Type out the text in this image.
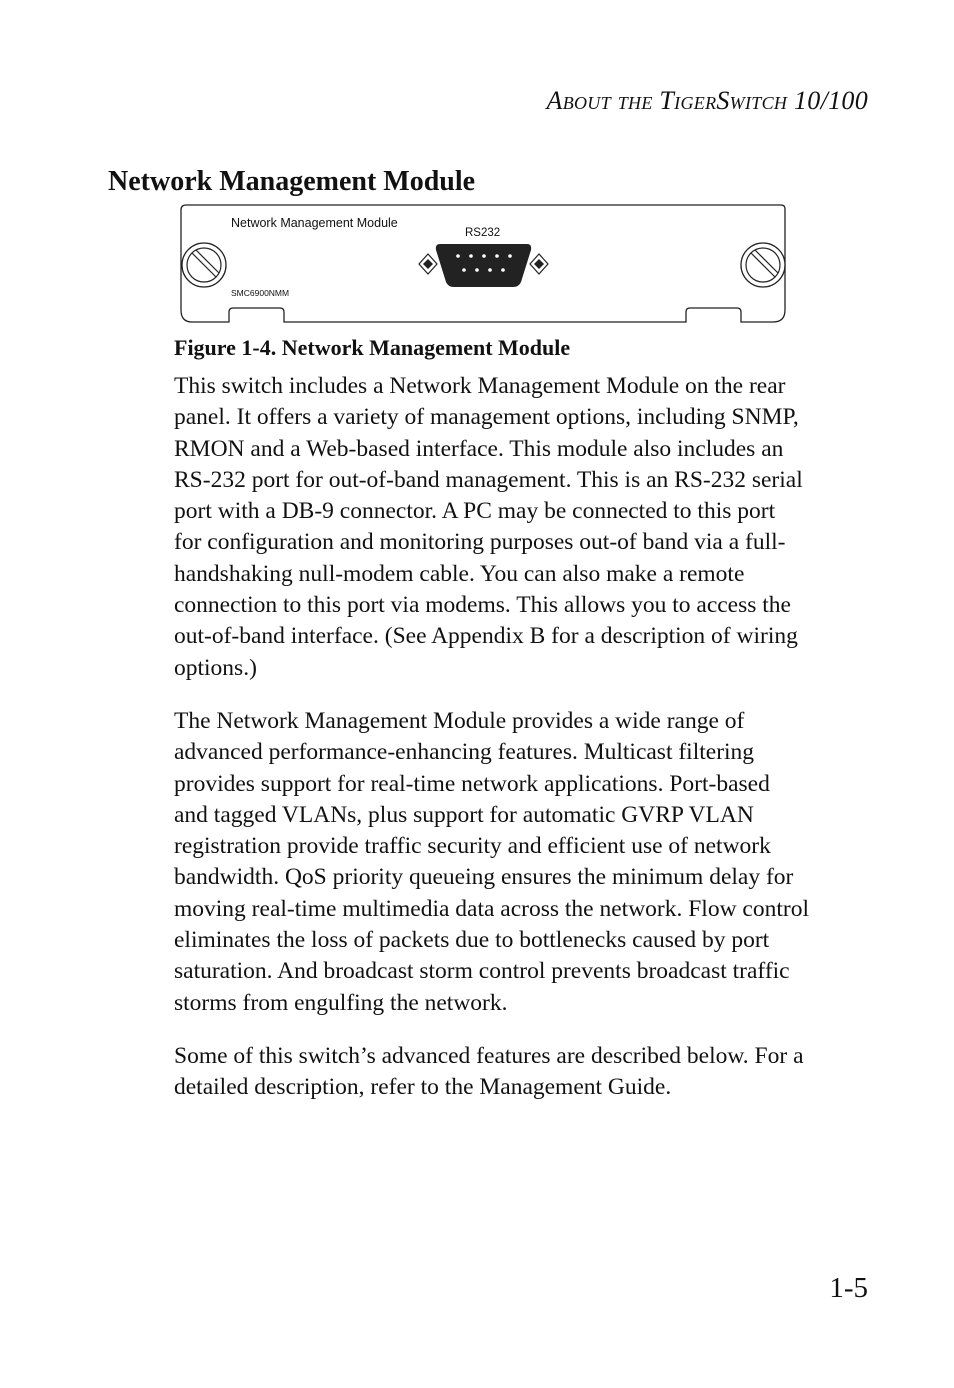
About the TigerSwitch 10/100
Network Management Module
Network Management Module
RS232
SMC6900NMM
Figure 1-4. Network Management Module

This switch includes a Network Management Module on the rear
panel. It offers a variety of management options, including SNMP,
RMON and a Web-based interface. This module also includes an
RS-232 port for out-of-band management. This is an RS-232 serial
port with a DB-9 connector. A PC may be connected to this port
for configuration and monitoring purposes out-of band via a full-
handshaking null-modem cable. You can also make a remote
connection to this port via modems. This allows you to access the
out-of-band interface. (See Appendix B for a description of wiring
options.)

The Network Management Module provides a wide range of
advanced performance-enhancing features. Multicast filtering
provides support for real-time network applications. Port-based
and tagged VLANs, plus support for automatic GVRP VLAN
registration provide traffic security and efficient use of network
bandwidth. QoS priority queueing ensures the minimum delay for
moving real-time multimedia data across the network. Flow control
eliminates the loss of packets due to bottlenecks caused by port
saturation. And broadcast storm control prevents broadcast traffic
storms from engulfing the network.

Some of this switch’s advanced features are described below. For a
detailed description, refer to the Management Guide.

1-5
